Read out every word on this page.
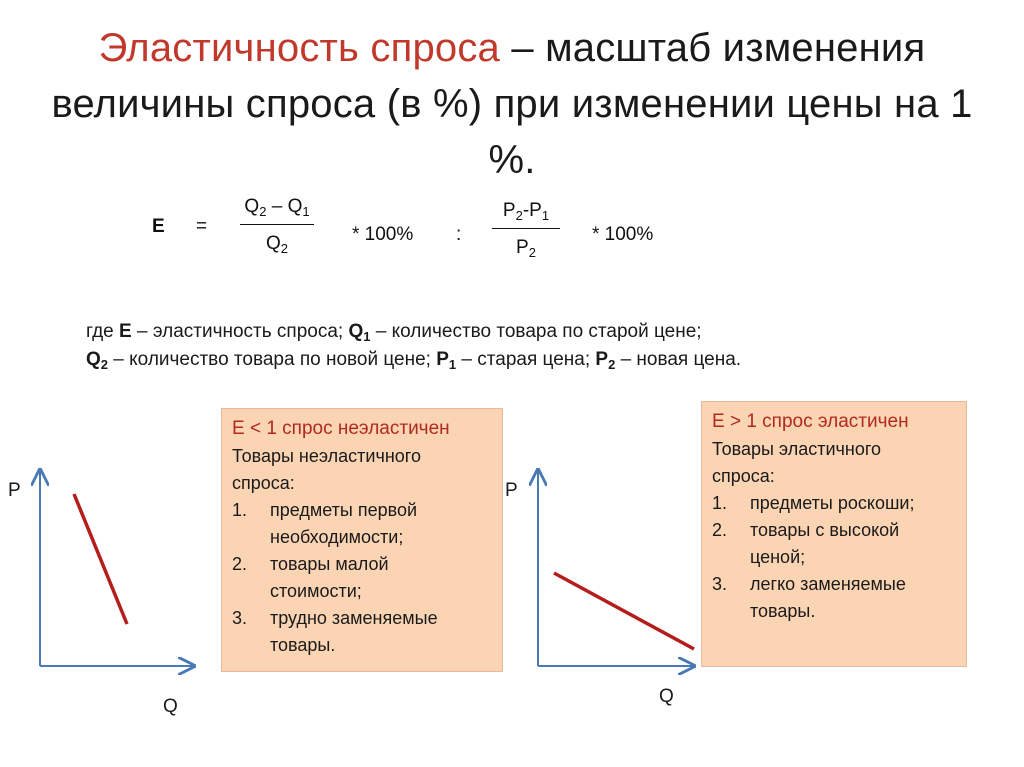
Эластичность спроса – масштаб изменения величины спроса (в %) при изменении цены на 1 %.
$E = \frac{Q_2 - Q_1}{Q_2} * 100\%$ : $\frac{P_2-P_1}{P_2} * 100\%$
где E – эластичность спроса; $Q_1$ – количество товара по старой цене;
$Q_2$ – количество товара по новой цене; $P_1$ – старая цена; $P_2$ – новая цена.
P
Q
P
Q
Е < 1 спрос неэластичен
Товары неэластичного
спроса:
1. предметы первой
необходимости;
2. товары малой
стоимости;
3. трудно заменяемые
товары.
Е > 1 спрос эластичен
Товары эластичного
спроса:
1. предметы роскоши;
2. товары с высокой
ценой;
3. легко заменяемые
товары.
